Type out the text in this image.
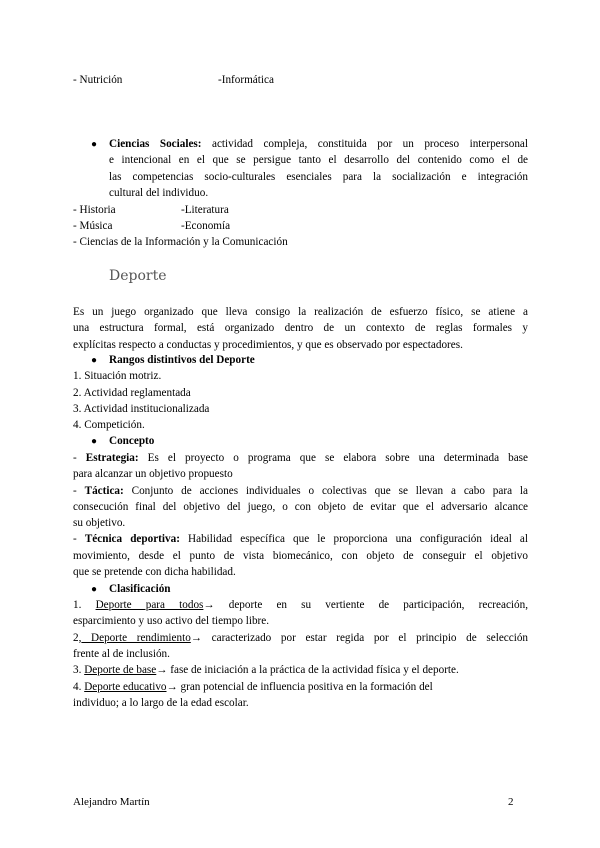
- Nutrición	-Informática
● Ciencias Sociales: actividad compleja, constituida por un proceso interpersonal
e intencional en el que se persigue tanto el desarrollo del contenido como el de
las competencias socio-culturales esenciales para la socialización e integración
cultural del individuo.
- Historia	-Literatura
- Música	-Economía
- Ciencias de la Información y la Comunicación
Deporte
Es un juego organizado que lleva consigo la realización de esfuerzo físico, se atiene a
una estructura formal, está organizado dentro de un contexto de reglas formales y
explícitas respecto a conductas y procedimientos, y que es observado por espectadores.
● Rangos distintivos del Deporte
1. Situación motriz.
2. Actividad reglamentada
3. Actividad institucionalizada
4. Competición.
● Concepto
- Estrategia: Es el proyecto o programa que se elabora sobre una determinada base
para alcanzar un objetivo propuesto
- Táctica: Conjunto de acciones individuales o colectivas que se llevan a cabo para la
consecución final del objetivo del juego, o con objeto de evitar que el adversario alcance
su objetivo.
- Técnica deportiva: Habilidad específica que le proporciona una configuración ideal al
movimiento, desde el punto de vista biomecánico, con objeto de conseguir el objetivo
que se pretende con dicha habilidad.
● Clasificación
1. Deporte para todos→ deporte en su vertiente de participación, recreación,
esparcimiento y uso activo del tiempo libre.
2, Deporte rendimiento→ caracterizado por estar regida por el principio de selección
frente al de inclusión.
3. Deporte de base→ fase de iniciación a la práctica de la actividad física y el deporte.
4. Deporte educativo→ gran potencial de influencia positiva en la formación del
individuo; a lo largo de la edad escolar.
Alejandro Martín	2
